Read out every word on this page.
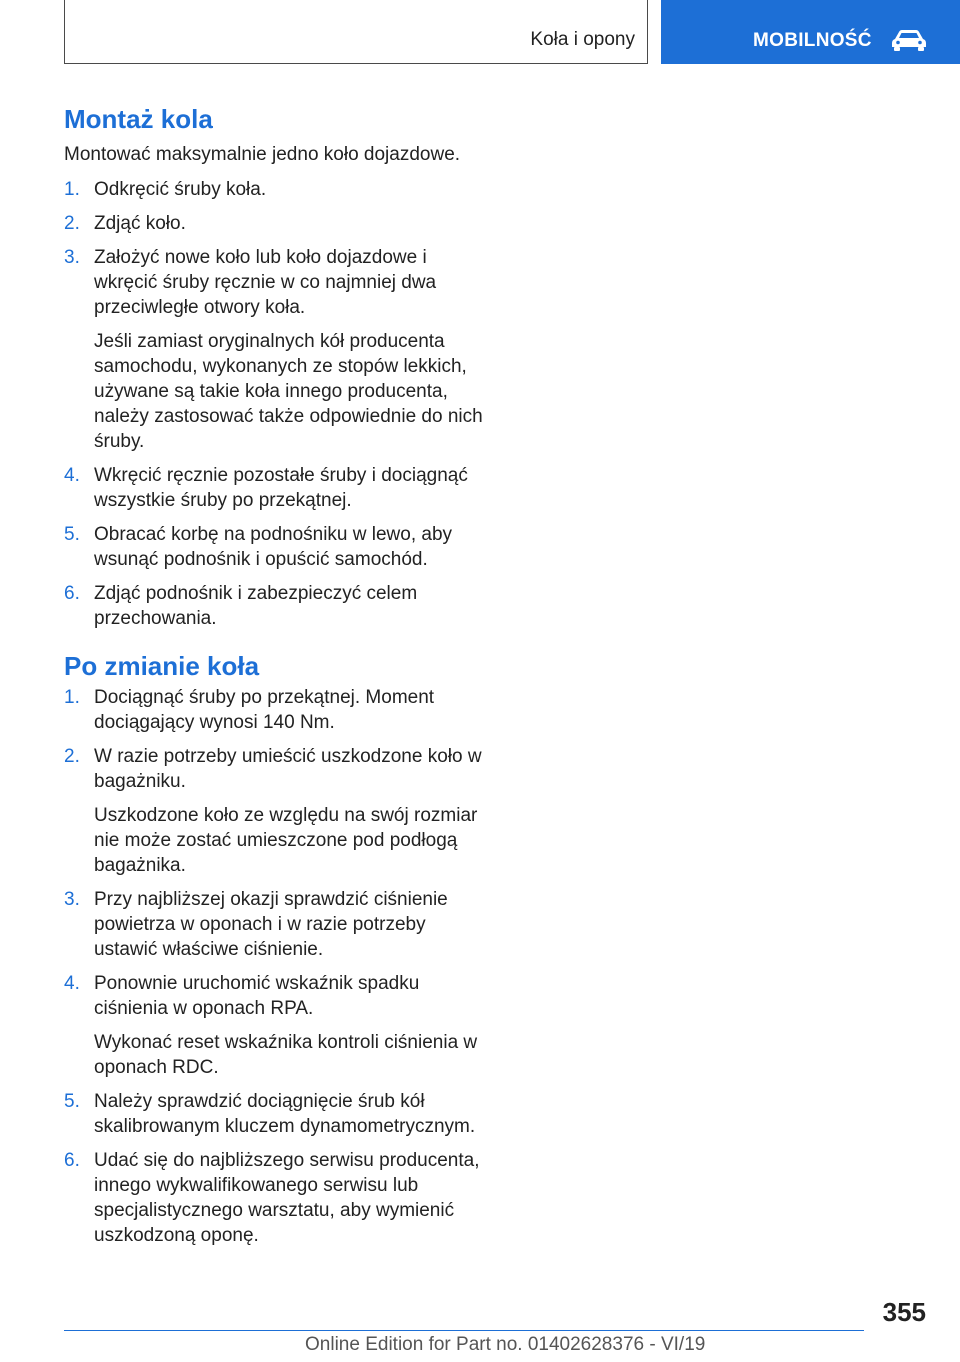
Koła i opony	MOBILNOŚĆ
Montaż kola

Montować maksymalnie jedno koło dojazdowe.

1. Odkręcić śruby koła.
2. Zdjąć koło.
3. Założyć nowe koło lub koło dojazdowe i wkręcić śruby ręcznie w co najmniej dwa przeciwległe otwory koła.
Jeśli zamiast oryginalnych kół producenta samochodu, wykonanych ze stopów lekkich, używane są takie koła innego producenta, należy zastosować także odpowiednie do nich śruby.
4. Wkręcić ręcznie pozostałe śruby i dociągnąć wszystkie śruby po przekątnej.
5. Obracać korbę na podnośniku w lewo, aby wsunąć podnośnik i opuścić samochód.
6. Zdjąć podnośnik i zabezpieczyć celem przechowania.
Po zmianie koła
1. Dociągnąć śruby po przekątnej. Moment dociągający wynosi 140 Nm.
2. W razie potrzeby umieścić uszkodzone koło w bagażniku.
Uszkodzone koło ze względu na swój rozmiar nie może zostać umieszczone pod podłogą bagażnika.
3. Przy najbliższej okazji sprawdzić ciśnienie powietrza w oponach i w razie potrzeby ustawić właściwe ciśnienie.
4. Ponownie uruchomić wskaźnik spadku ciśnienia w oponach RPA.
Wykonać reset wskaźnika kontroli ciśnienia w oponach RDC.
5. Należy sprawdzić dociągnięcie śrub kół skalibrowanym kluczem dynamometrycznym.
6. Udać się do najbliższego serwisu producenta, innego wykwalifikowanego serwisu lub specjalistycznego warsztatu, aby wymienić uszkodzoną oponę.
355
Online Edition for Part no. 01402628376 - VI/19
